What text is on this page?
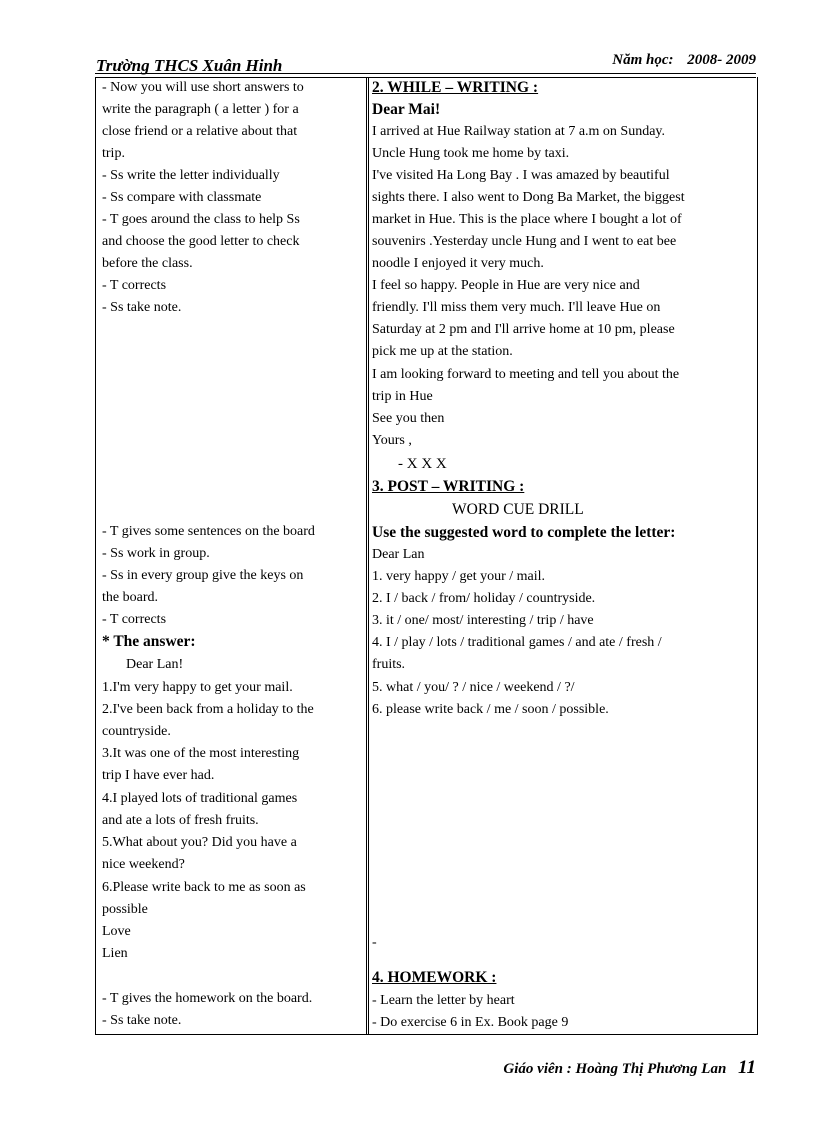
Trường THCS Xuân Hinh	Năm học: 2008- 2009
- Now you will use short answers to
write the paragraph ( a letter ) for a
close friend or a relative about that
trip.
- Ss write the letter individually
- Ss compare with classmate
- T goes around the class to help Ss
and choose the good letter to check
before the class.
- T corrects
- Ss take note.
- T gives some sentences on the board
- Ss work in group.
- Ss in every group give the keys on
the board.
- T corrects
* The answer:
Dear Lan!
1.I'm very happy to get your mail.
2.I've been back from a holiday to the
countryside.
3.It was one of the most interesting
trip I have ever had.
4.I played lots of traditional games
and ate a lots of fresh fruits.
5.What about you? Did you have a
nice weekend?
6.Please write back to me as soon as
possible
Love
Lien
- T gives the homework on the board.
- Ss take note.
2. WHILE – WRITING :
Dear Mai!
I arrived at Hue Railway station at 7 a.m on Sunday.
Uncle Hung took me home by taxi.
I've visited Ha Long Bay . I was amazed by beautiful
sights there. I also went to Dong Ba Market, the biggest
market in Hue. This is the place where I bought a lot of
souvenirs .Yesterday uncle Hung and I went to eat bee
noodle I enjoyed it very much.
I feel so happy. People in Hue are very nice and
friendly. I'll miss them very much. I'll leave Hue on
Saturday at 2 pm and I'll arrive home at 10 pm, please
pick me up at the station.
I am looking forward to meeting and tell you about the
trip in Hue
See you then
Yours ,
- X X X
3. POST – WRITING :
WORD CUE DRILL
Use the suggested word to complete the letter:
Dear Lan
1. very happy / get your / mail.
2. I / back / from/ holiday / countryside.
3. it / one/ most/ interesting / trip / have
4. I / play / lots / traditional games / and ate / fresh /
fruits.
5. what / you/ ? / nice / weekend / ?/
6. please write back / me / soon / possible.
-
4. HOMEWORK :
- Learn the letter by heart
- Do exercise 6 in Ex. Book page 9
Giáo viên : Hoàng Thị Phương Lan 11
